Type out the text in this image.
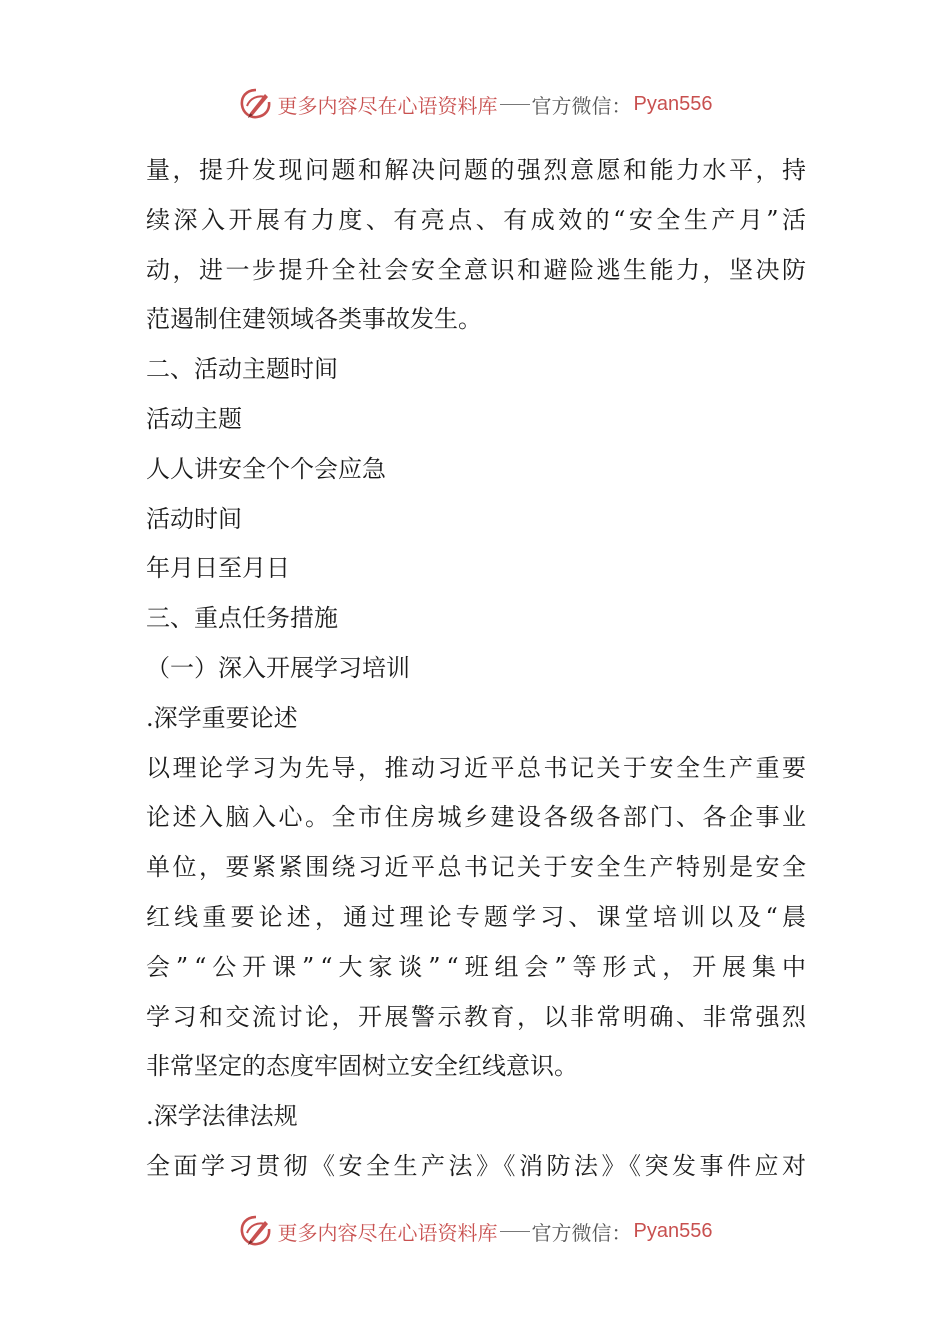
更多内容尽在心语资料库 官方微信： Pyan556

量，提升发现问题和解决问题的强烈意愿和能力水平，持

续深入开展有力度、有亮点、有成效的“安全生产月”活

动，进一步提升全社会安全意识和避险逃生能力，坚决防

范遏制住建领域各类事故发生。

二、活动主题时间

活动主题

人人讲安全个个会应急

活动时间

年月日至月日

三、重点任务措施

（一）深入开展学习培训

.深学重要论述

以理论学习为先导，推动习近平总书记关于安全生产重要

论述入脑入心。全市住房城乡建设各级各部门、各企事业

单位，要紧紧围绕习近平总书记关于安全生产特别是安全

红线重要论述，通过理论专题学习、课堂培训以及“晨

会”“公开课”“大家谈”“班组会”等形式，开展集中

学习和交流讨论，开展警示教育，以非常明确、非常强烈

非常坚定的态度牢固树立安全红线意识。

.深学法律法规

全面学习贯彻《安全生产法》《消防法》《突发事件应对

更多内容尽在心语资料库 官方微信： Pyan556
